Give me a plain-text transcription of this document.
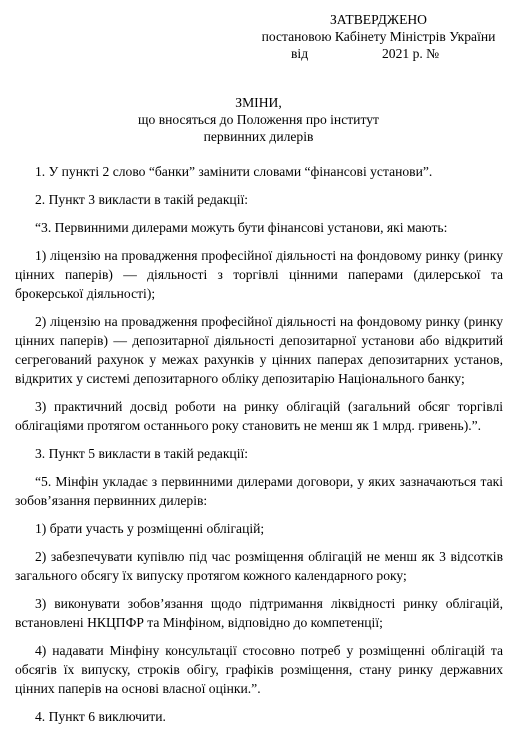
ЗАТВЕРДЖЕНО
постановою Кабінету Міністрів України
від	2021 р. №
ЗМІНИ,
що вносяться до Положення про інститут
первинних дилерів

1. У пункті 2 слово “банки” замінити словами “фінансові установи”.

2. Пункт 3 викласти в такій редакції:

“3. Первинними дилерами можуть бути фінансові установи, які мають:

1) ліцензію на провадження професійної діяльності на фондовому ринку (ринку цінних паперів) — діяльності з торгівлі цінними паперами (дилерської та брокерської діяльності);

2) ліцензію на провадження професійної діяльності на фондовому ринку (ринку цінних паперів) — депозитарної діяльності депозитарної установи або відкритий сегрегований рахунок у межах рахунків у цінних паперах депозитарних установ, відкритих у системі депозитарного обліку депозитарію Національного банку;

3) практичний досвід роботи на ринку облігацій (загальний обсяг торгівлі облігаціями протягом останнього року становить не менш як 1 млрд. гривень).”.

3. Пункт 5 викласти в такій редакції:

“5. Мінфін укладає з первинними дилерами договори, у яких зазначаються такі зобов’язання первинних дилерів:

1) брати участь у розміщенні облігацій;

2) забезпечувати купівлю під час розміщення облігацій не менш як 3 відсотків загального обсягу їх випуску протягом кожного календарного року;

3) виконувати зобов’язання щодо підтримання ліквідності ринку облігацій, встановлені НКЦПФР та Мінфіном, відповідно до компетенції;

4) надавати Мінфіну консультації стосовно потреб у розміщенні облігацій та обсягів їх випуску, строків обігу, графіків розміщення, стану ринку державних цінних паперів на основі власної оцінки.”.

4. Пункт 6 виключити.
